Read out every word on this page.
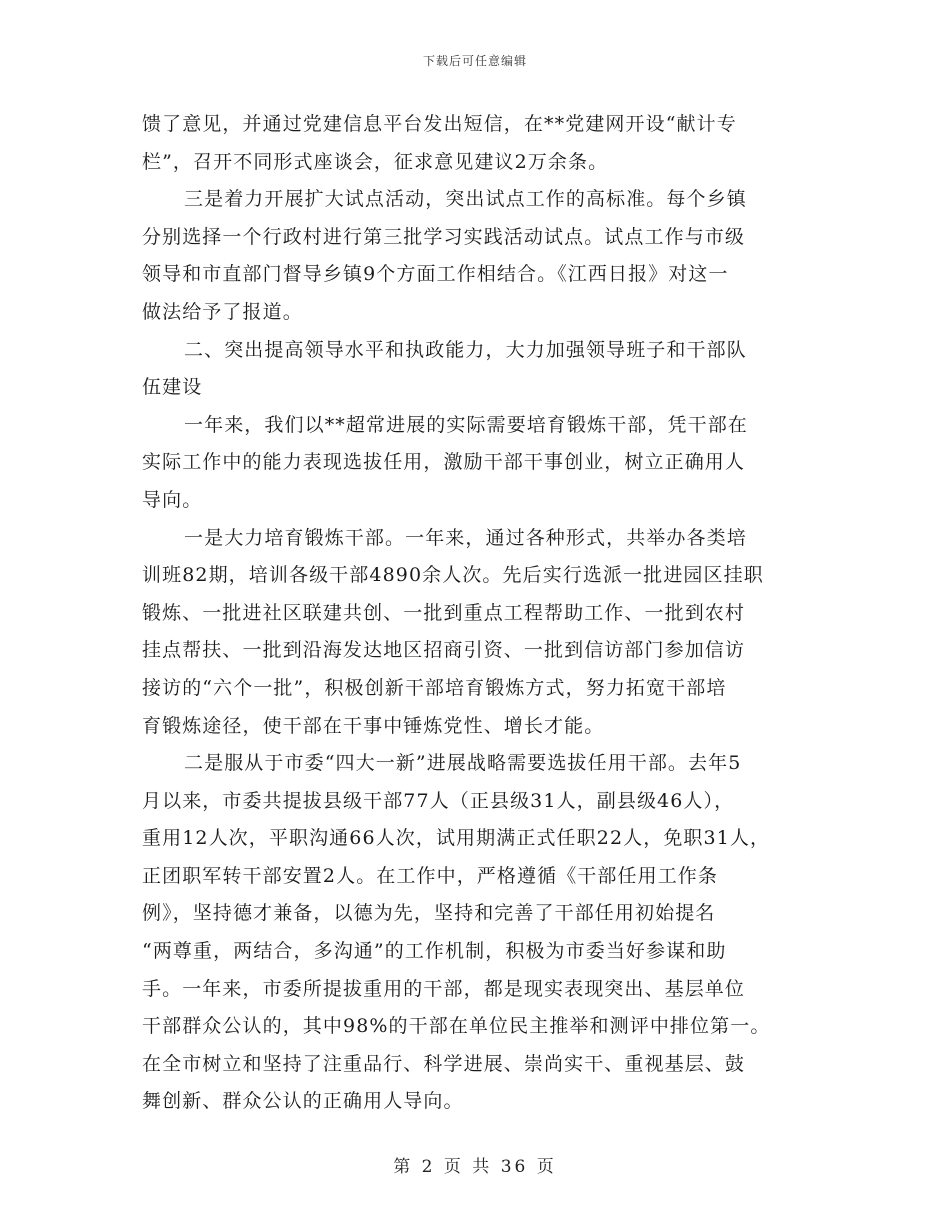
下载后可任意编辑
馈了意见，并通过党建信息平台发出短信，在**党建网开设“献计专
栏”，召开不同形式座谈会，征求意见建议2万余条。
三是着力开展扩大试点活动，突出试点工作的高标准。每个乡镇
分别选择一个行政村进行第三批学习实践活动试点。试点工作与市级
领导和市直部门督导乡镇9个方面工作相结合。《江西日报》对这一
做法给予了报道。
二、突出提高领导水平和执政能力，大力加强领导班子和干部队
伍建设
一年来，我们以**超常进展的实际需要培育锻炼干部，凭干部在
实际工作中的能力表现选拔任用，激励干部干事创业，树立正确用人
导向。
一是大力培育锻炼干部。一年来，通过各种形式，共举办各类培
训班82期，培训各级干部4890余人次。先后实行选派一批进园区挂职
锻炼、一批进社区联建共创、一批到重点工程帮助工作、一批到农村
挂点帮扶、一批到沿海发达地区招商引资、一批到信访部门参加信访
接访的“六个一批”，积极创新干部培育锻炼方式，努力拓宽干部培
育锻炼途径，使干部在干事中锤炼党性、增长才能。
二是服从于市委“四大一新”进展战略需要选拔任用干部。去年5
月以来，市委共提拔县级干部77人（正县级31人，副县级46人），
重用12人次，平职沟通66人次，试用期满正式任职22人，免职31人，
正团职军转干部安置2人。在工作中，严格遵循《干部任用工作条
例》，坚持德才兼备，以德为先，坚持和完善了干部任用初始提名
“两尊重，两结合，多沟通”的工作机制，积极为市委当好参谋和助
手。一年来，市委所提拔重用的干部，都是现实表现突出、基层单位
干部群众公认的，其中98%的干部在单位民主推举和测评中排位第一。
在全市树立和坚持了注重品行、科学进展、崇尚实干、重视基层、鼓
舞创新、群众公认的正确用人导向。
第 2 页 共 36 页
